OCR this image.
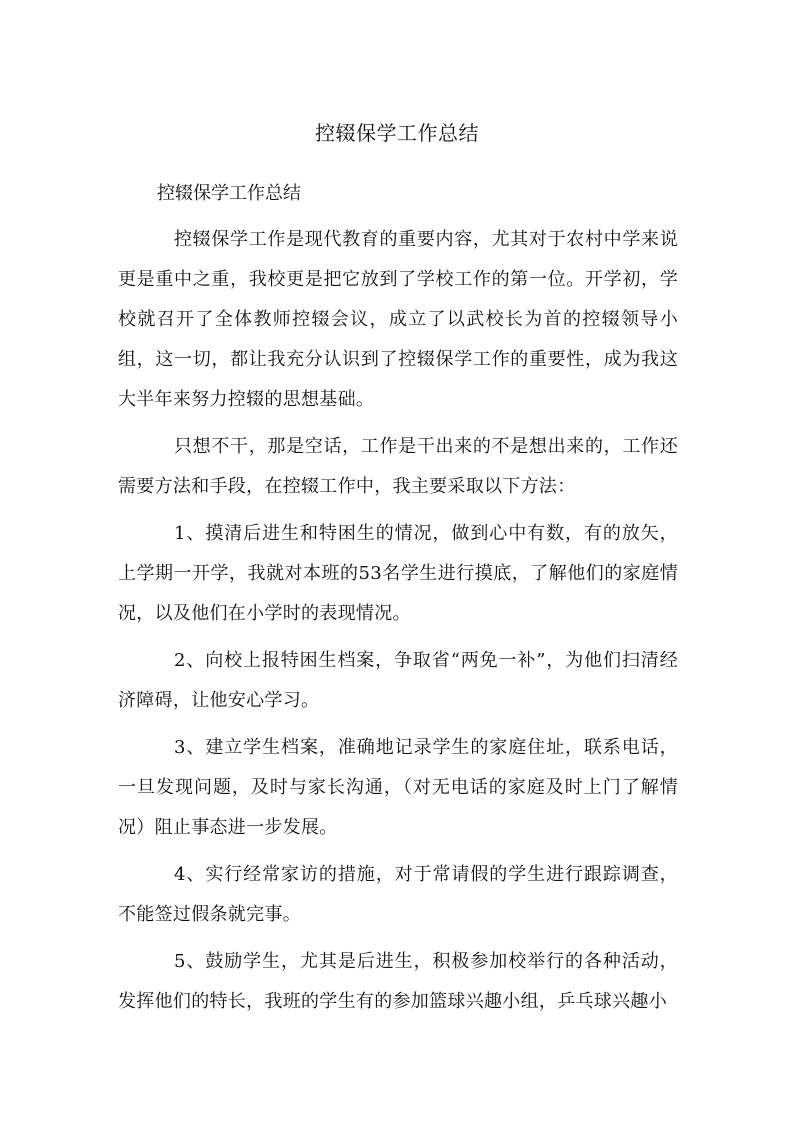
控辍保学工作总结
控辍保学工作总结

控辍保学工作是现代教育的重要内容，尤其对于农村中学来说更是重中之重，我校更是把它放到了学校工作的第一位。开学初，学校就召开了全体教师控辍会议，成立了以武校长为首的控辍领导小组，这一切，都让我充分认识到了控辍保学工作的重要性，成为我这大半年来努力控辍的思想基础。

只想不干，那是空话，工作是干出来的不是想出来的，工作还需要方法和手段，在控辍工作中，我主要采取以下方法：

1、摸清后进生和特困生的情况，做到心中有数，有的放矢，上学期一开学，我就对本班的53名学生进行摸底，了解他们的家庭情况，以及他们在小学时的表现情况。

2、向校上报特困生档案，争取省“两免一补”，为他们扫清经济障碍，让他安心学习。

3、建立学生档案，准确地记录学生的家庭住址，联系电话，一旦发现问题，及时与家长沟通，（对无电话的家庭及时上门了解情况）阻止事态进一步发展。

4、实行经常家访的措施，对于常请假的学生进行跟踪调查，不能签过假条就完事。

5、鼓励学生，尤其是后进生，积极参加校举行的各种活动，发挥他们的特长，我班的学生有的参加篮球兴趣小组，乒乓球兴趣小
